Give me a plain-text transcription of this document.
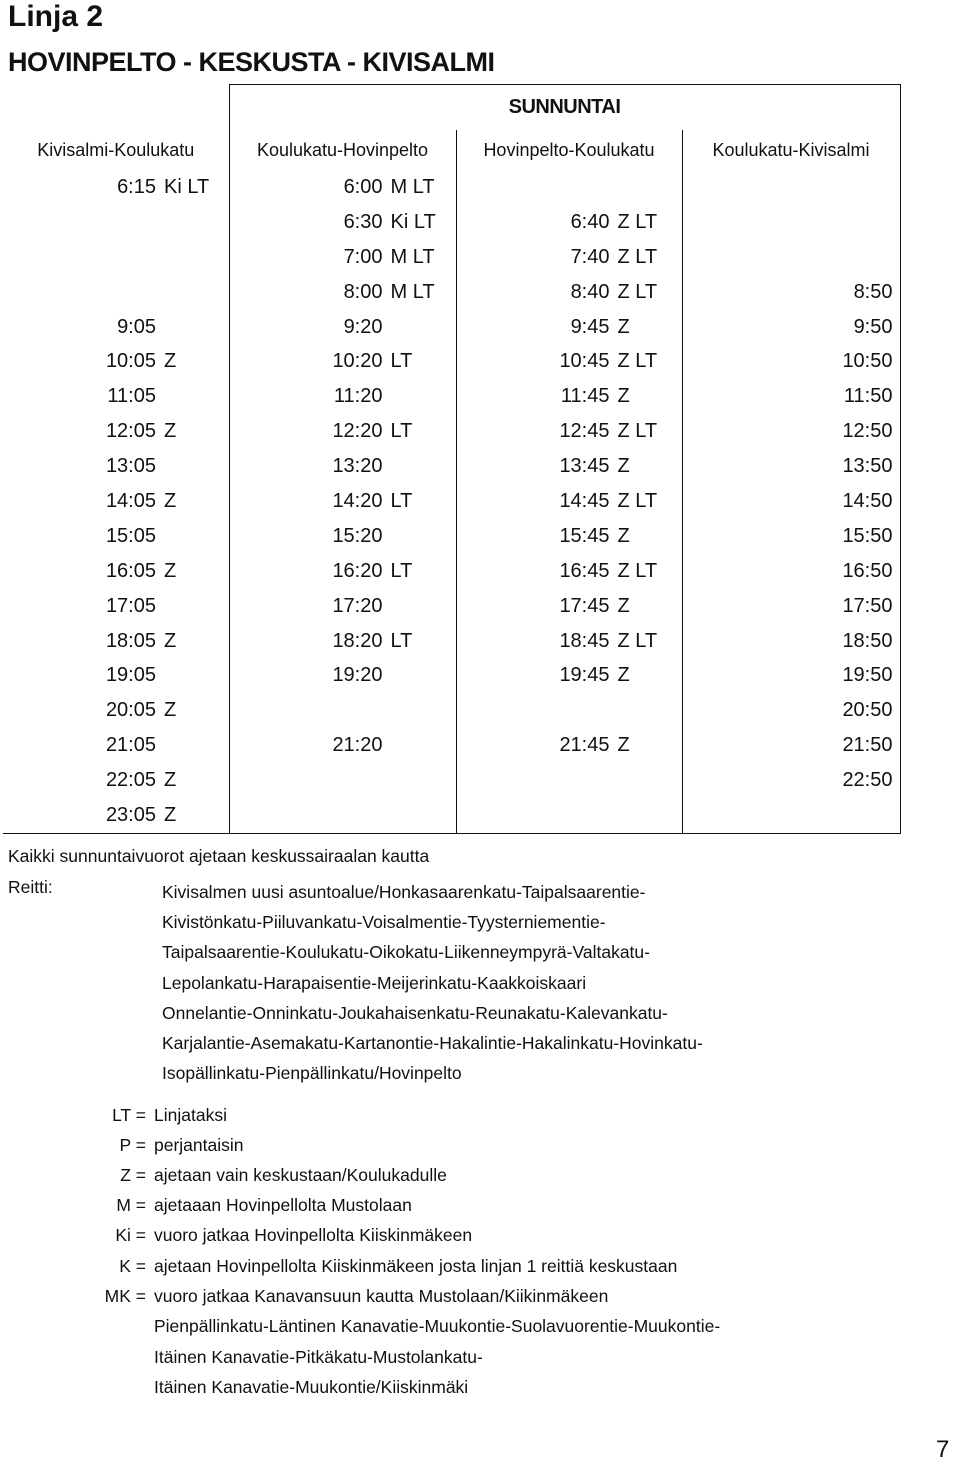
Linja 2
HOVINPELTO - KESKUSTA - KIVISALMI
	SUNNUNTAI		
Kivisalmi-Koulukatu	Koulukatu-Hovinpelto	Hovinpelto-Koulukatu	Koulukatu-Kivisalmi

6:15 Ki LT	6:00 M LT		

	6:30 Ki LT	6:40 Z LT	

	7:00 M LT	7:40 Z LT	

	8:00 M LT	8:40 Z LT	8:50

9:05	9:20	9:45 Z	9:50

10:05 Z	10:20 LT	10:45 Z LT	10:50

11:05	11:20	11:45 Z	11:50

12:05 Z	12:20 LT	12:45 Z LT	12:50

13:05	13:20	13:45 Z	13:50

14:05 Z	14:20 LT	14:45 Z LT	14:50

15:05	15:20	15:45 Z	15:50

16:05 Z	16:20 LT	16:45 Z LT	16:50

17:05	17:20	17:45 Z	17:50

18:05 Z	18:20 LT	18:45 Z LT	18:50

19:05	19:20	19:45 Z	19:50

20:05 Z			20:50

21:05	21:20	21:45 Z	21:50

22:05 Z			22:50

23:05 Z			

Kaikki sunnuntaivuorot ajetaan keskussairaalan kautta
Reitti:	Kivisalmen uusi asuntoalue/Honkasaarenkatu-Taipalsaarentie-
Kivistönkatu-Piiluvankatu-Voisalmentie-Tyysterniementie-
Taipalsaarentie-Koulukatu-Oikokatu-Liikenneympyrä-Valtakatu-
Lepolankatu-Harapaisentie-Meijerinkatu-Kaakkoiskaari
Onnelantie-Onninkatu-Joukahaisenkatu-Reunakatu-Kalevankatu-
Karjalantie-Asemakatu-Kartanontie-Hakalintie-Hakalinkatu-Hovinkatu-
Isopällinkatu-Pienpällinkatu/Hovinpelto
LT = Linjataksi
P = perjantaisin
Z = ajetaan vain keskustaan/Koulukadulle
M = ajetaaan Hovinpellolta Mustolaan
Ki = vuoro jatkaa Hovinpellolta Kiiskinmäkeen
K = ajetaan Hovinpellolta Kiiskinmäkeen josta linjan 1 reittiä keskustaan
MK = vuoro jatkaa Kanavansuun kautta Mustolaan/Kiikinmäkeen
Pienpällinkatu-Läntinen Kanavatie-Muukontie-Suolavuorentie-Muukontie-
Itäinen Kanavatie-Pitkäkatu-Mustolankatu-
Itäinen Kanavatie-Muukontie/Kiiskinmäki
7
